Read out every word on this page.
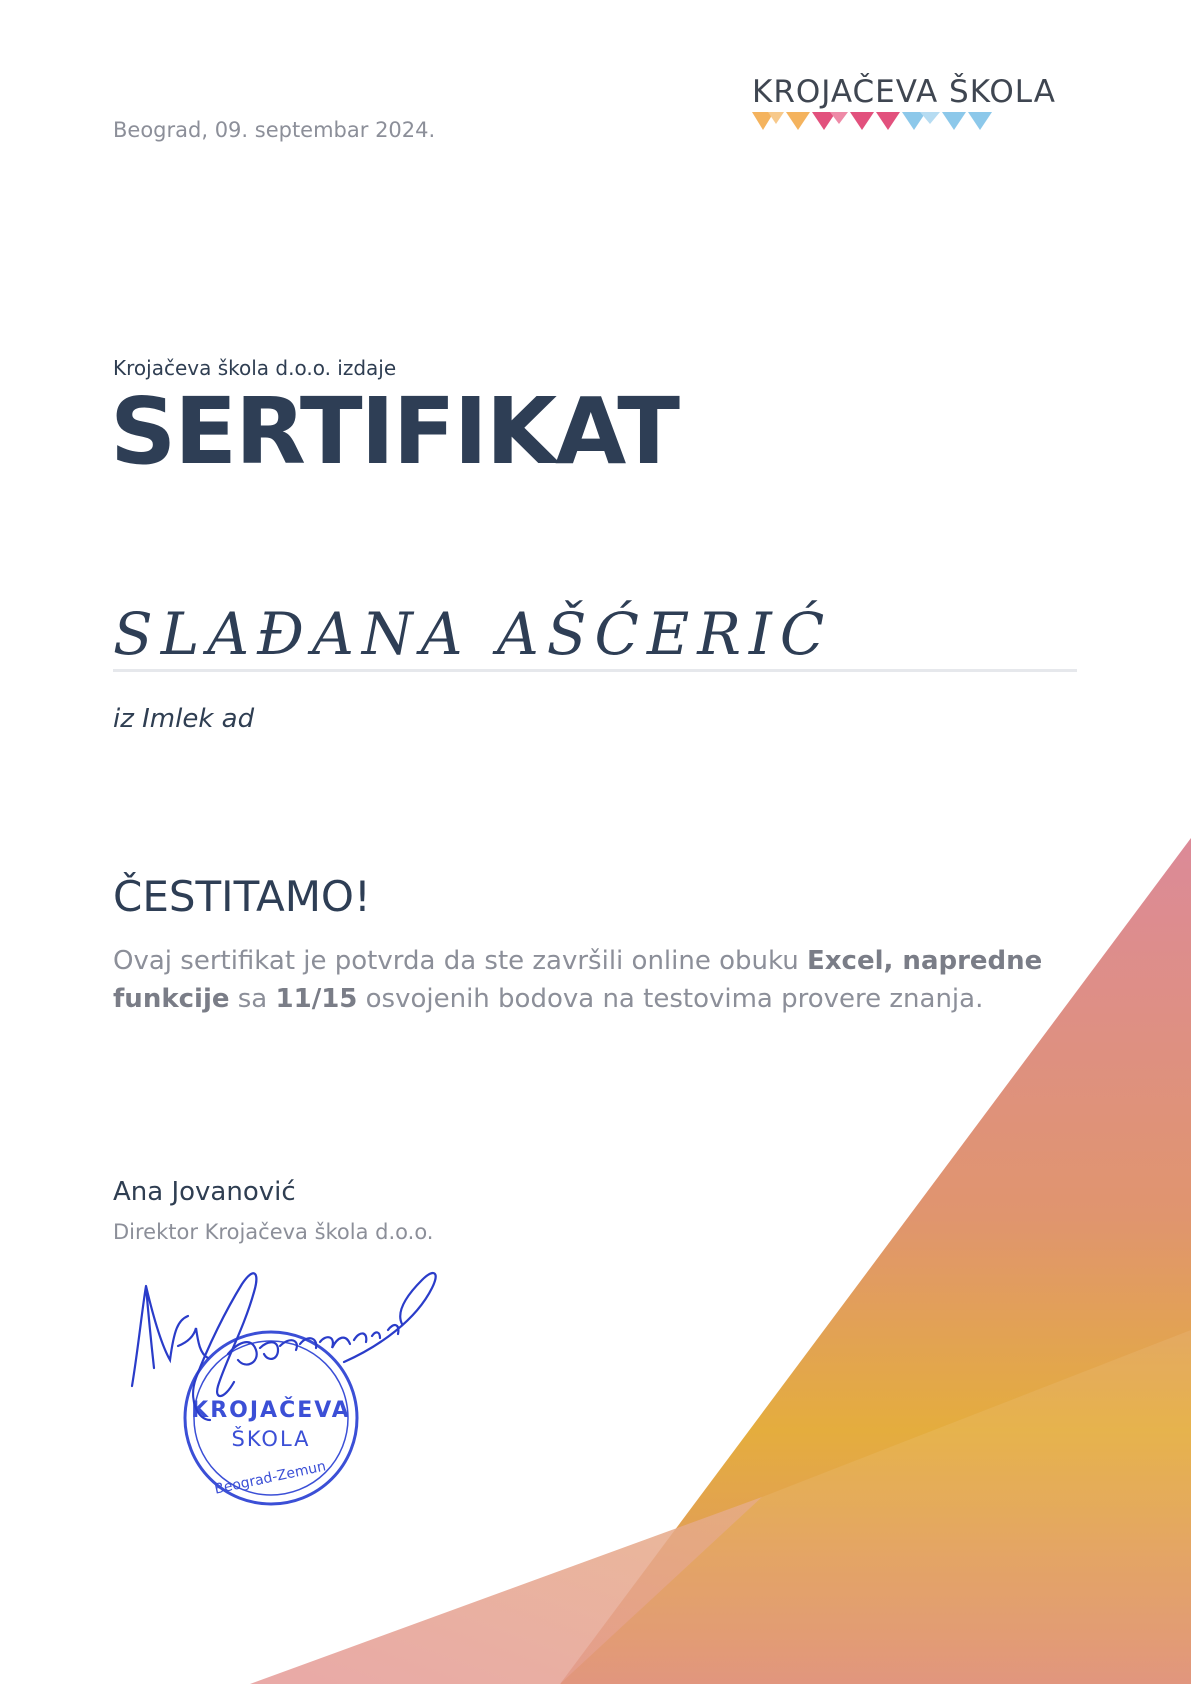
Beograd, 09. septembar 2024.
KROJAČEVA ŠKOLA
Krojačeva škola d.o.o. izdaje
SERTIFIKAT
SLAĐANA AŠĆERIĆ
iz Imlek ad
ČESTITAMO!
Ovaj sertifikat je potvrda da ste završili online obuku Excel, napredne funkcije sa 11/15 osvojenih bodova na testovima provere znanja.
Ana Jovanović
Direktor Krojačeva škola d.o.o.
KROJAČEVA
ŠKOLA
Beograd-Zemun
